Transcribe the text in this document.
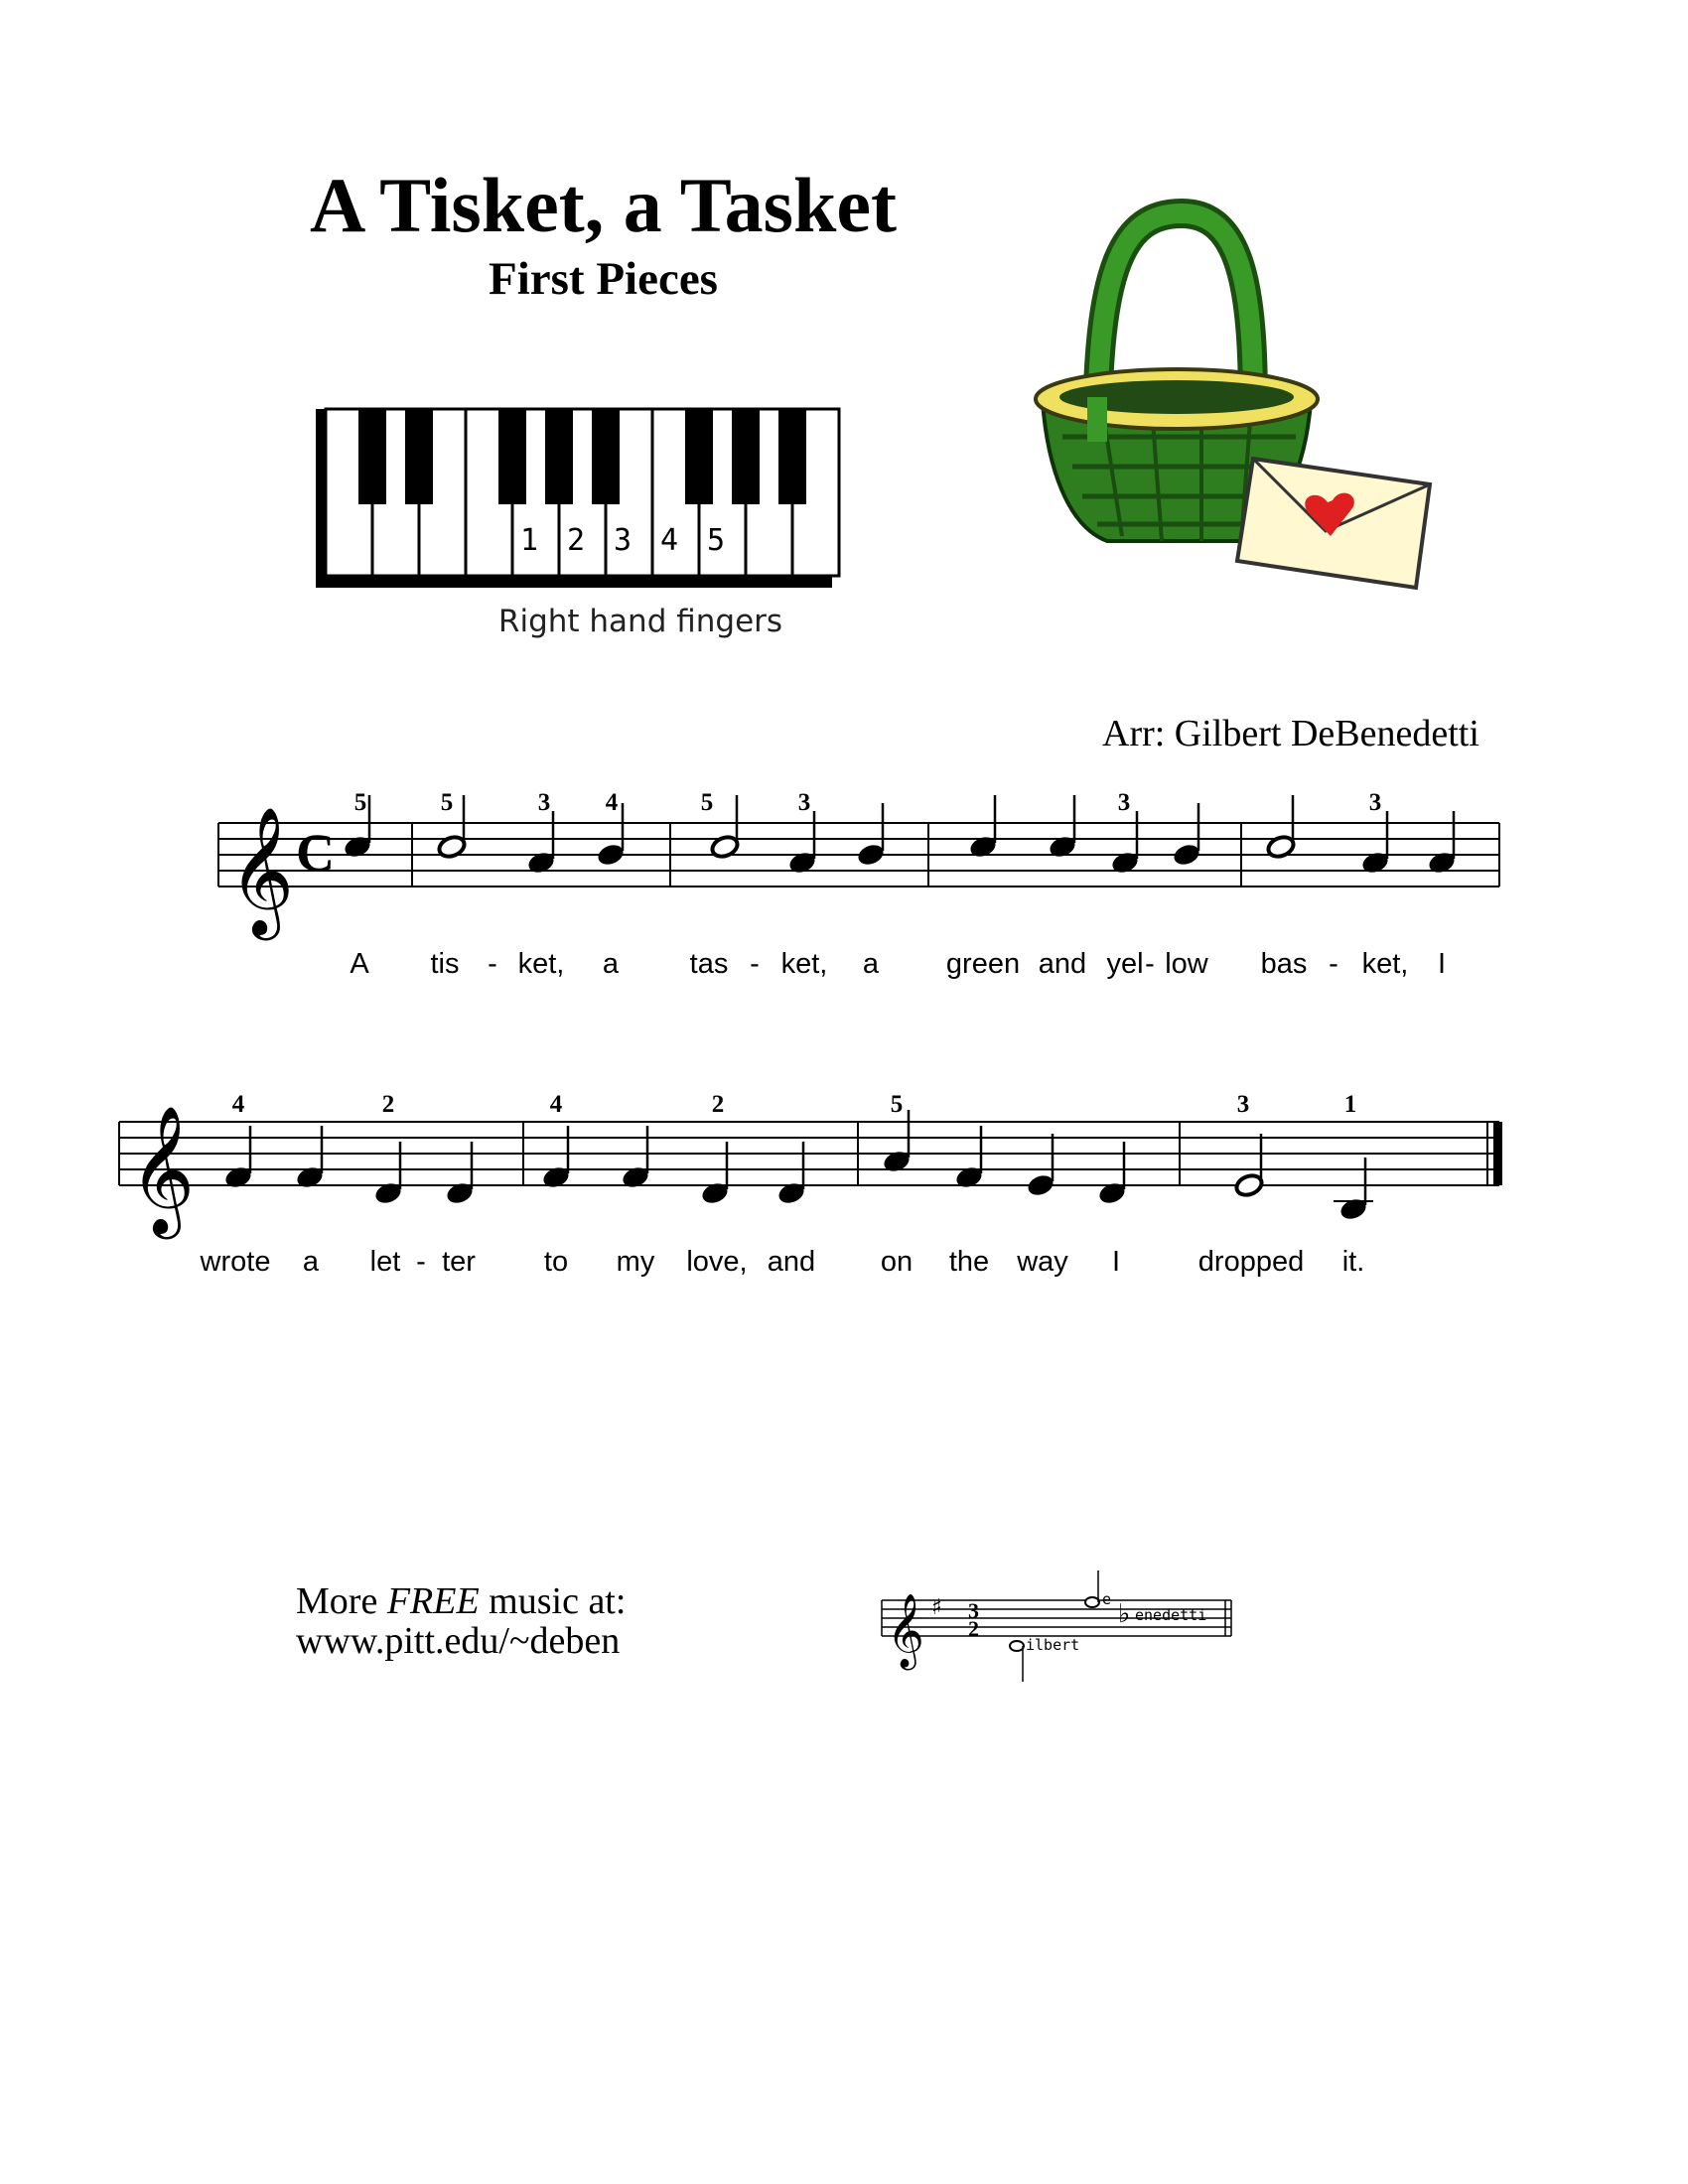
A Tisket, a Tasket
First Pieces
Arr: Gilbert DeBenedetti
1 2 3 4 5
Right hand fingers
𝄞 C
5	5	3 4	5	3	3	3
A tis - ket, a tas - ket, a green and yel - low bas - ket, I
𝄞
4	2	4	2	5	3	1
wrote a let - ter to my love, and on the way I	dropped it.
More FREE music at:
www.pitt.edu/~deben	𝄞 ♯ 3
2
ilbert
e ♭ enedetti
